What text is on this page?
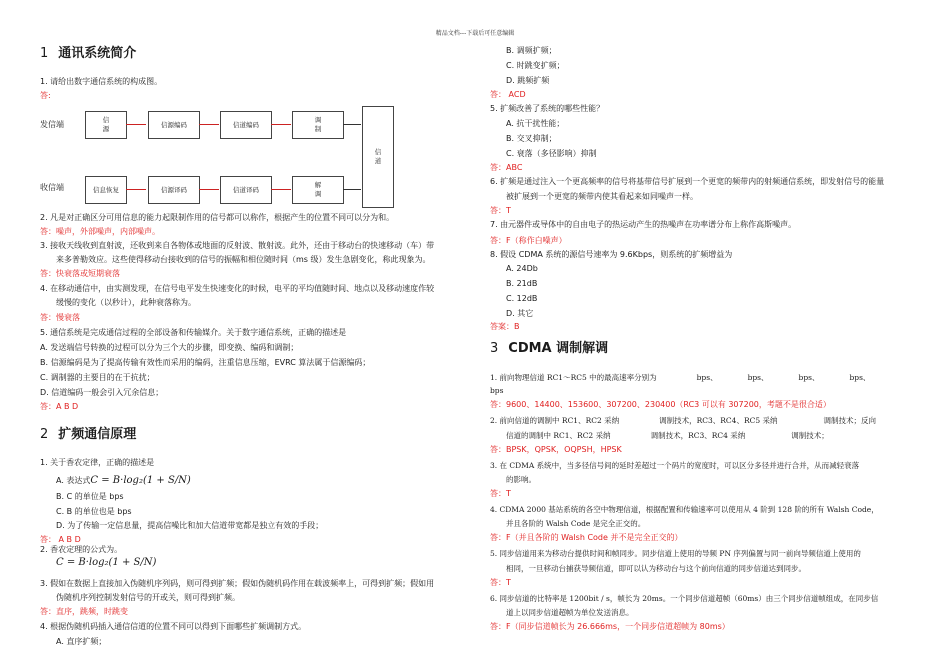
精品文档---下载后可任意编辑
1 通讯系统简介
1. 请给出数字通信系统的构成图。
答:
发信端
收信端
信
源
信源编码	信道编码
调
制
信
道
信息恢复	信源译码	信道译码
解
调
2. 凡是对正确区分可用信息的能力起限制作用的信号都可以称作，根据产生的位置不同可以分为和。
答：噪声，外部噪声，内部噪声。
3. 接收天线收到直射波，还收到来自各物体或地面的反射波、散射波。此外，还由于移动台的快速移动（车）带
来多普勒效应。这些使得移动台接收到的信号的振幅和相位随时间（ms 级）发生急剧变化，称此现象为。
答：快衰落或短期衰落
4. 在移动通信中，由实测发现，在信号电平发生快速变化的时候，电平的平均值随时间、地点以及移动速度作较
缓慢的变化（以秒计），此种衰落称为。
答：慢衰落
5. 通信系统是完成通信过程的全部设备和传输媒介。关于数字通信系统，正确的描述是
A. 发送端信号转换的过程可以分为三个大的步骤，即变换、编码和调制；
B. 信源编码是为了提高传输有效性而采用的编码，注重信息压缩，EVRC 算法属于信源编码；
C. 调制器的主要目的在于抗扰；
D. 信道编码一般会引入冗余信息；
答：A B D
2 扩频通信原理
1. 关于香农定律，正确的描述是
A. 表达式C = B·log₂(1 + S/N)
B. C 的单位是 bps
C. B 的单位也是 bps
D. 为了传输一定信息量，提高信噪比和加大信道带宽都是独立有效的手段；
答： A B D
2. 香农定理的公式为。
C = B·log₂(1 + S/N)
3. 假如在数据上直接加入伪随机序列码，则可得到扩频；假如伪随机码作用在载波频率上，可得到扩频；假如用
伪随机序列控制发射信号的开或关，则可得到扩频。
答：直序，跳频，时跳变
4. 根据伪随机码插入通信信道的位置不同可以得到下面哪些扩频调制方式。
A. 直序扩频；
B. 调频扩频；
C. 时跳变扩频；
D. 跳频扩频
答： ACD
5. 扩频改善了系统的哪些性能？
A. 抗干扰性能；
B. 交叉抑制；
C. 衰落（多径影响）抑制
答：ABC
6. 扩频是通过注入一个更高频率的信号将基带信号扩展到一个更宽的频带内的射频通信系统，即发射信号的能量
被扩展到一个更宽的频带内使其看起来如同噪声一样。
答：T
7. 由元器件或导体中的自由电子的热运动产生的热噪声在功率谱分布上称作高斯噪声。
答：F（称作白噪声）
8. 假设 CDMA 系统的源信号速率为 9.6Kbps，则系统的扩频增益为
A. 24Db
B. 21dB
C. 12dB
D. 其它
答案：B
3 CDMA 调制解调
1. 前向物理信道 RC1～RC5 中的最高速率分别为	bps、	bps、	bps、	bps、
bps
答：9600、14400、153600、307200、230400（RC3 可以有 307200，考题不是很合适）
2. 前向信道的调制中 RC1、RC2 采纳	调制技术，RC3、RC4、RC5 采纳	调制技术；反向
信道的调制中 RC1、RC2 采纳	调制技术，RC3、RC4 采纳	调制技术；
答：BPSK，QPSK，OQPSH，HPSK
3. 在 CDMA 系统中，当多径信号间的延时差超过一个码片的宽度时，可以区分多径并进行合并，从而减轻衰落
的影响。
答：T
4. CDMA 2000 基站系统的各空中物理信道，根据配置和传输速率可以使用从 4 阶到 128 阶的所有 Walsh Code，
并且各阶的 Walsh Code 是完全正交的。
答：F（并且各阶的 Walsh Code 并不是完全正交的）
5. 同步信道用来为移动台提供时间和帧同步。同步信道上使用的导频 PN 序列偏置与同一前向导频信道上使用的
相同，一旦移动台捕获导频信道，即可以认为移动台与这个前向信道的同步信道达到同步。
答：T
6. 同步信道的比特率是 1200bit / s，帧长为 20ms。一个同步信道超帧（60ms）由三个同步信道帧组成，在同步信
道上以同步信道超帧为单位发送消息。
答：F（同步信道帧长为 26.666ms，一个同步信道超帧为 80ms）
